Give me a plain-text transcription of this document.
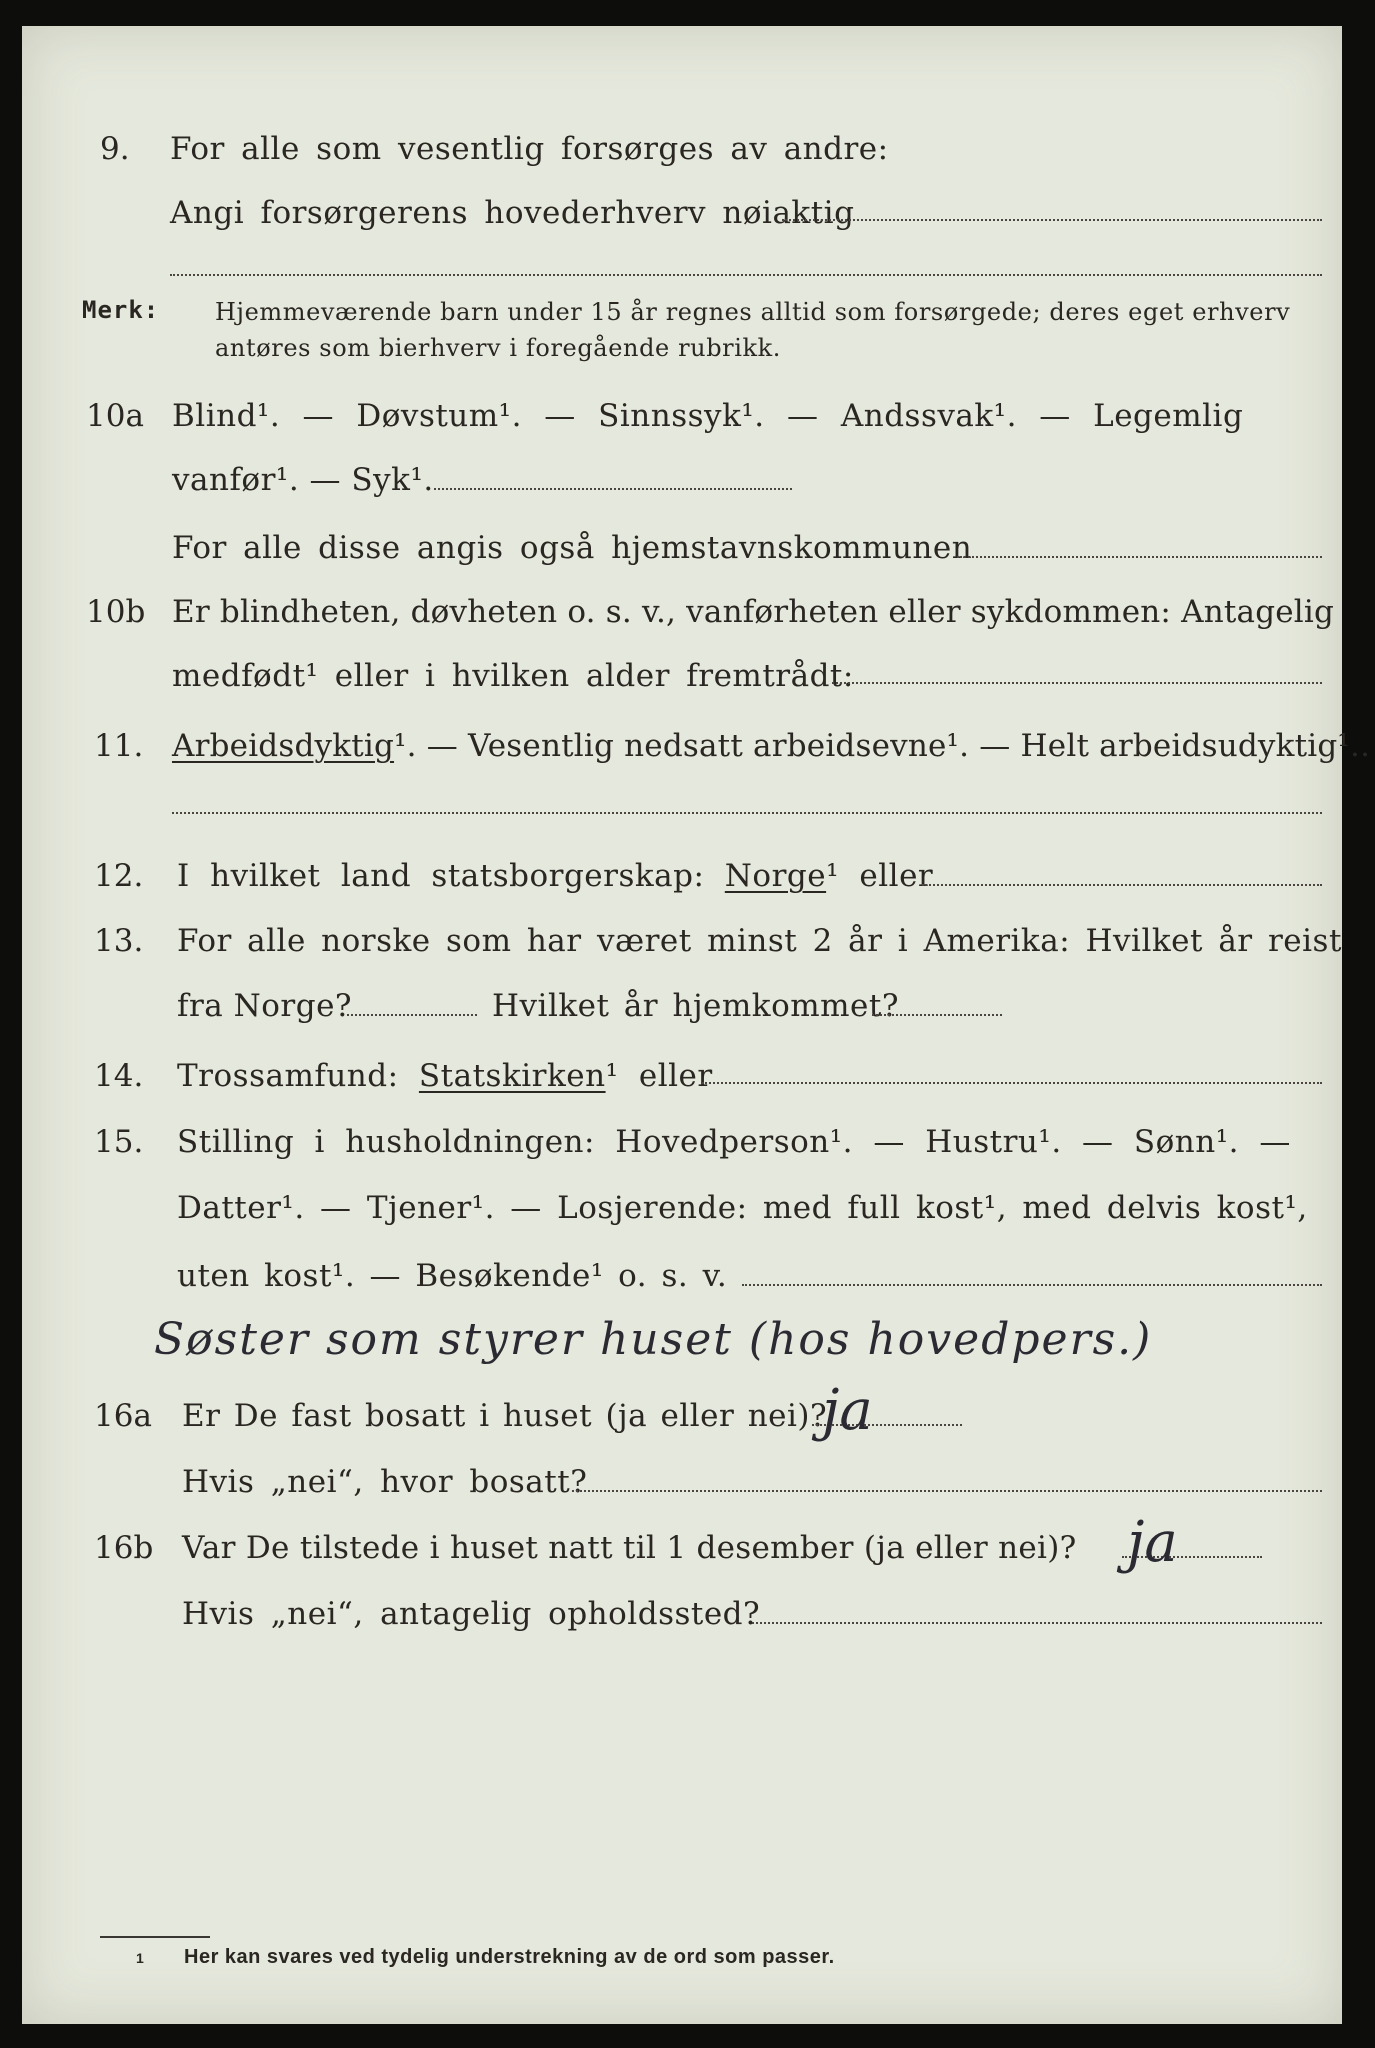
9. For alle som vesentlig forsørges av andre:
Angi forsørgerens hovederhverv nøiaktig
Merk: Hjemmeværende barn under 15 år regnes alltid som forsørgede; deres eget erhverv
antøres som bierhverv i foregående rubrikk.
10a Blind¹. — Døvstum¹. — Sinnssyk¹. — Andssvak¹. — Legemlig
vanfør¹. — Syk¹.
For alle disse angis også hjemstavnskommunen
10b Er blindheten, døvheten o. s. v., vanførheten eller sykdommen: Antagelig
medfødt¹ eller i hvilken alder fremtrådt:
11. Arbeidsdyktig¹. — Vesentlig nedsatt arbeidsevne¹. — Helt arbeidsudyktig¹..
12. I hvilket land statsborgerskap: Norge¹ eller
13. For alle norske som har været minst 2 år i Amerika: Hvilket år reist
fra Norge?	Hvilket år hjemkommet?
14. Trossamfund: Statskirken¹ eller
15. Stilling i husholdningen: Hovedperson¹. — Hustru¹. — Sønn¹. —
Datter¹. — Tjener¹. — Losjerende: med full kost¹, med delvis kost¹,
uten kost¹. — Besøkende¹ o. s. v.
Søster som styrer huset (hos hovedpers.)
16a Er De fast bosatt i huset (ja eller nei)?
ja
Hvis „nei“, hvor bosatt?
16b Var De tilstede i huset natt til 1 desember (ja eller nei)? ja
Hvis „nei“, antagelig opholdssted?
1 Her kan svares ved tydelig understrekning av de ord som passer.
